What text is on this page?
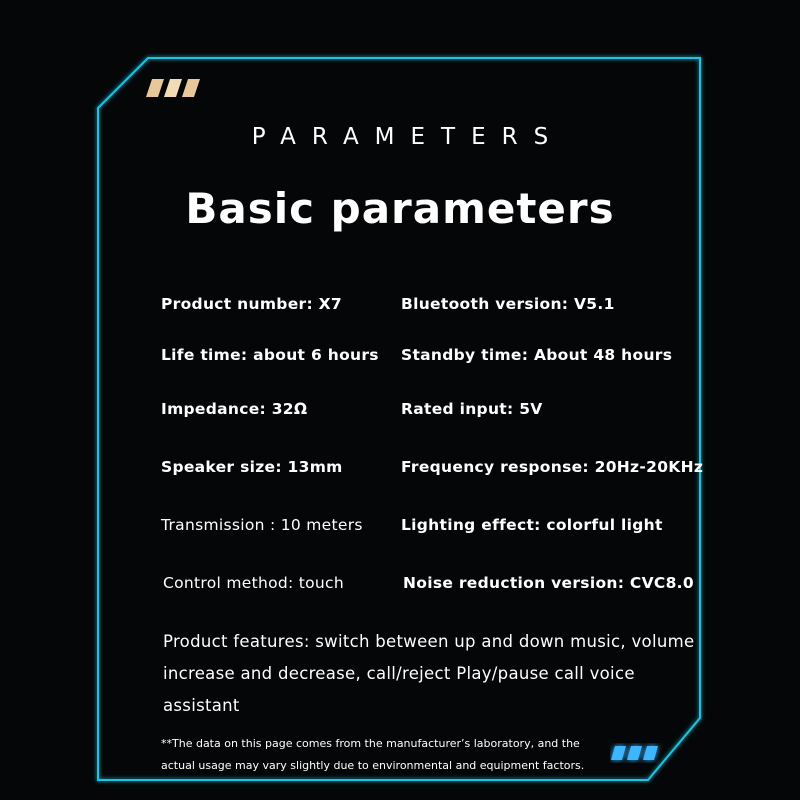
PARAMETERS
Basic parameters
Product number: X7	Bluetooth version: V5.1
Life time: about 6 hours Standby time: About 48 hours
Impedance: 32Ω	Rated input: 5V
Speaker size: 13mm	Frequency response: 20Hz-20KHz
Transmission : 10 meters Lighting effect: colorful light
Control method: touch	Noise reduction version: CVC8.0
Product features: switch between up and down music, volume increase and decrease, call/reject Play/pause call voice assistant
**The data on this page comes from the manufacturer’s laboratory, and the actual usage may vary slightly due to environmental and equipment factors.
